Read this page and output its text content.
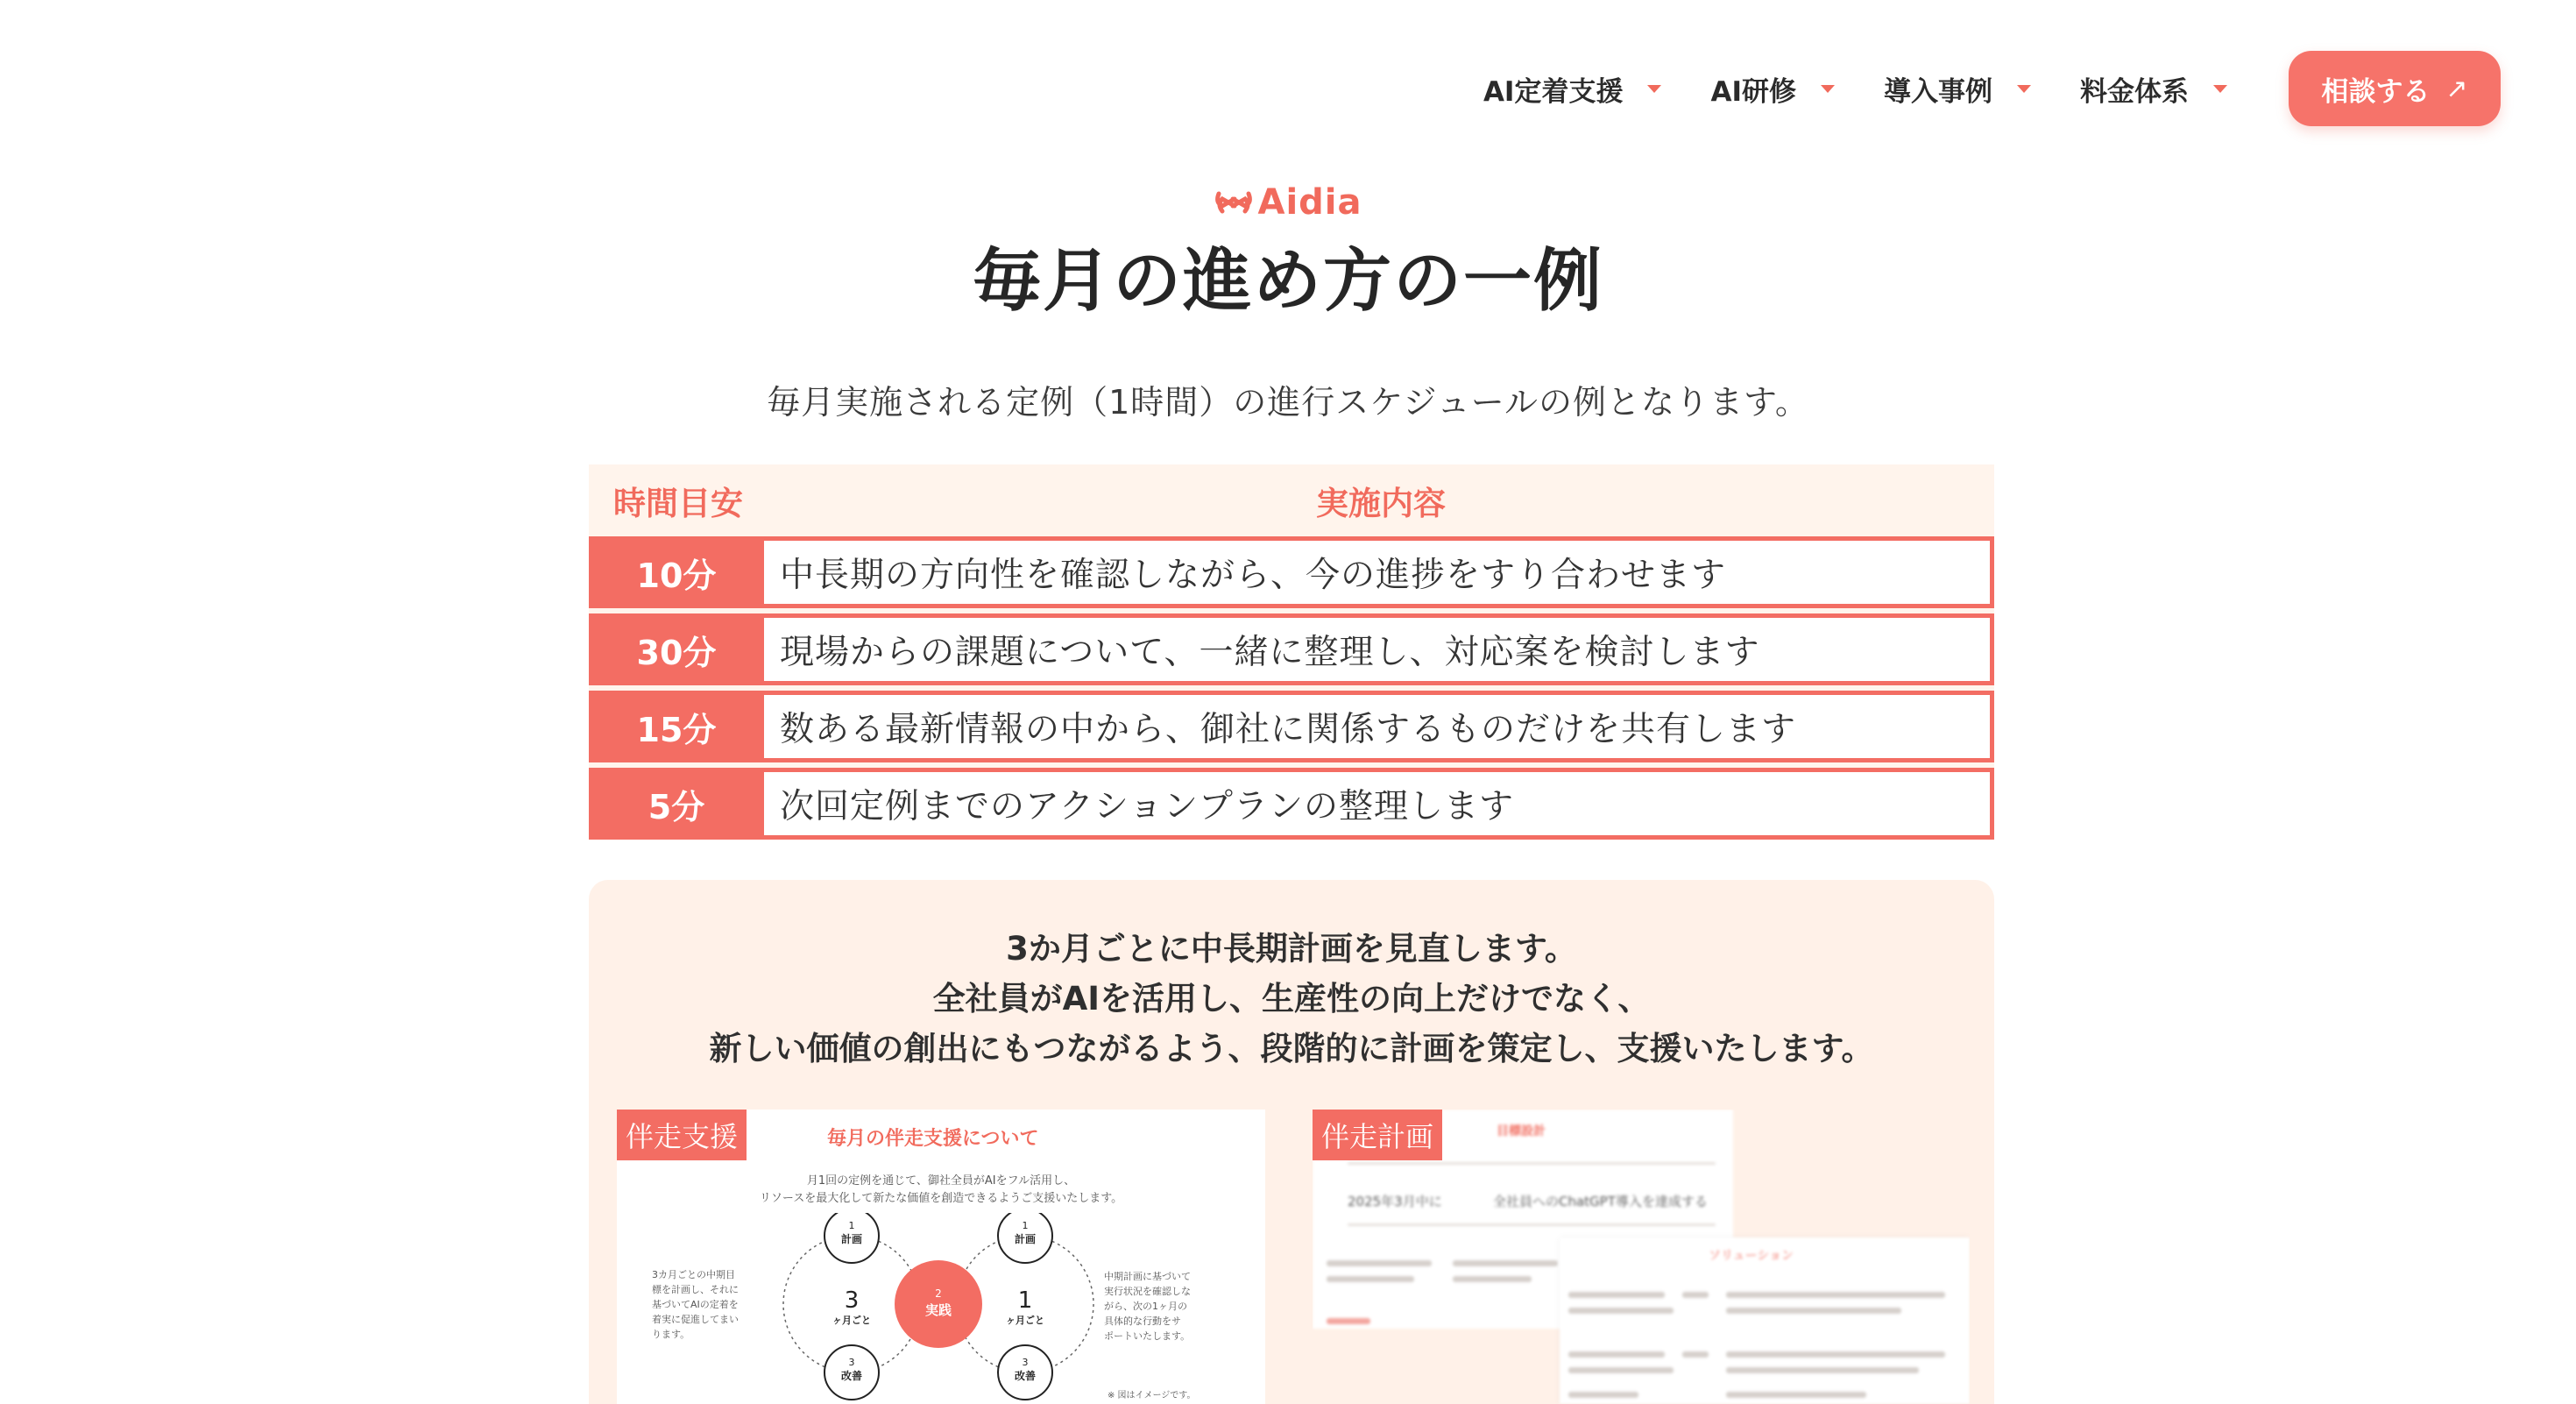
AI定着支援	AI研修	導入事例	料金体系	相談する ↗
Aidia
毎月の進め方の一例

毎月実施される定例（1時間）の進行スケジュールの例となります。

時間目安	実施内容
10分	中長期の方向性を確認しながら、今の進捗をすり合わせます
30分	現場からの課題について、一緒に整理し、対応案を検討します
15分	数ある最新情報の中から、御社に関係するものだけを共有します
5分	次回定例までのアクションプランの整理します
3か月ごとに中長期計画を見直します。
全社員がAIを活用し、生産性の向上だけでなく、
新しい価値の創出にもつながるよう、段階的に計画を策定し、支援いたします。
伴走支援	毎月の伴走支援について
月1回の定例を通じて、御社全員がAIをフル活用し、
リソースを最大化して新たな価値を創造できるようご支援いたします。
3カ月ごとの中期目
標を計画し、それに
基づいてAIの定着を
着実に促進してまい
ります。
中期計画に基づいて
実行状況を確認しな
がら、次の1ヶ月の
具体的な行動をサ
ポートいたします。
※ 図はイメージです。
1
計画
3
改善
3
ヶ月ごと
1
計画
3
改善
1
ヶ月ごと
2
実践
伴走計画	目標設計
2025年3月中に	全社員へのChatGPT導入を達成する
ソリューション
